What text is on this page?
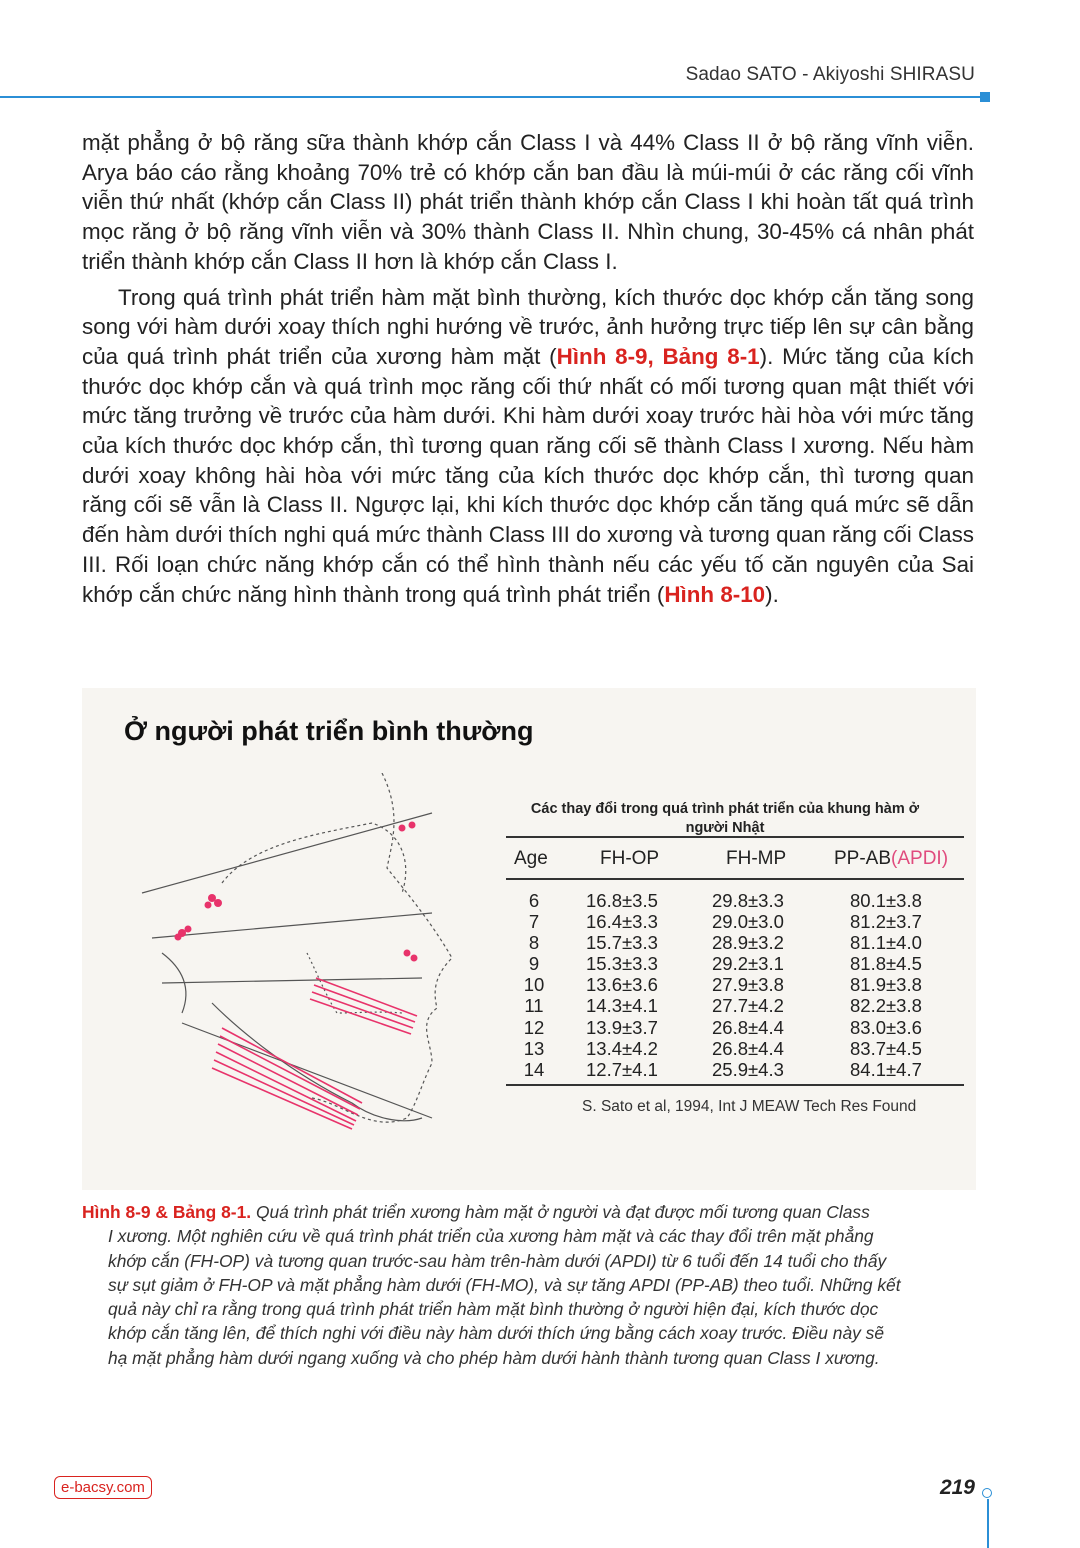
Sadao SATO - Akiyoshi SHIRASU

mặt phẳng ở bộ răng sữa thành khớp cắn Class I và 44% Class II ở bộ răng vĩnh viễn. Arya báo cáo rằng khoảng 70% trẻ có khớp cắn ban đầu là múi-múi ở các răng cối vĩnh viễn thứ nhất (khớp cắn Class II) phát triển thành khớp cắn Class I khi hoàn tất quá trình mọc răng ở bộ răng vĩnh viễn và 30% thành Class II. Nhìn chung, 30-45% cá nhân phát triển thành khớp cắn Class II hơn là khớp cắn Class I.

Trong quá trình phát triển hàm mặt bình thường, kích thước dọc khớp cắn tăng song song với hàm dưới xoay thích nghi hướng về trước, ảnh hưởng trực tiếp lên sự cân bằng của quá trình phát triển của xương hàm mặt (Hình 8-9, Bảng 8-1). Mức tăng của kích thước dọc khớp cắn và quá trình mọc răng cối thứ nhất có mối tương quan mật thiết với mức tăng trưởng về trước của hàm dưới. Khi hàm dưới xoay trước hài hòa với mức tăng của kích thước dọc khớp cắn, thì tương quan răng cối sẽ thành Class I xương. Nếu hàm dưới xoay không hài hòa với mức tăng của kích thước dọc khớp cắn, thì tương quan răng cối sẽ vẫn là Class II. Ngược lại, khi kích thước dọc khớp cắn tăng quá mức sẽ dẫn đến hàm dưới thích nghi quá mức thành Class III do xương và tương quan răng cối Class III. Rối loạn chức năng khớp cắn có thể hình thành nếu các yếu tố căn nguyên của Sai khớp cắn chức năng hình thành trong quá trình phát triển (Hình 8-10).

Ở người phát triển bình thường
Các thay đổi trong quá trình phát triển của khung hàm ở
người Nhật
Age	FH-OP	FH-MP	PP-AB(APDI)
6	16.8±3.5	29.8±3.3	80.1±3.8
7	16.4±3.3	29.0±3.0	81.2±3.7
8	15.7±3.3	28.9±3.2	81.1±4.0
9	15.3±3.3	29.2±3.1	81.8±4.5
10	13.6±3.6	27.9±3.8	81.9±3.8
11	14.3±4.1	27.7±4.2	82.2±3.8
12	13.9±3.7	26.8±4.4	83.0±3.6
13	13.4±4.2	26.8±4.4	83.7±4.5
14	12.7±4.1	25.9±4.3	84.1±4.7
S. Sato et al, 1994, Int J MEAW Tech Res Found
Hình 8-9 & Bảng 8-1. Quá trình phát triển xương hàm mặt ở người và đạt được mối tương quan Class
I xương. Một nghiên cứu về quá trình phát triển của xương hàm mặt và các thay đổi trên mặt phẳng
khớp cắn (FH-OP) và tương quan trước-sau hàm trên-hàm dưới (APDI) từ 6 tuổi đến 14 tuổi cho thấy
sự sụt giảm ở FH-OP và mặt phẳng hàm dưới (FH-MO), và sự tăng APDI (PP-AB) theo tuổi. Những kết
quả này chỉ ra rằng trong quá trình phát triển hàm mặt bình thường ở người hiện đại, kích thước dọc
khớp cắn tăng lên, để thích nghi với điều này hàm dưới thích ứng bằng cách xoay trước. Điều này sẽ
hạ mặt phẳng hàm dưới ngang xuống và cho phép hàm dưới hành thành tương quan Class I xương.
e-bacsy.com	219
